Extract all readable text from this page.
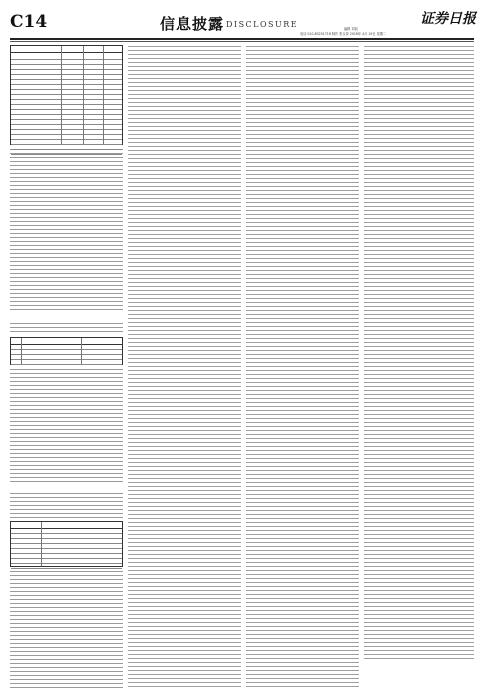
C14	信息披露 DISCLOSURE	证券日报
编辑 刘凯
电话 010-83251716 制作 张玉萍 2016年 4月 19日 星期二
